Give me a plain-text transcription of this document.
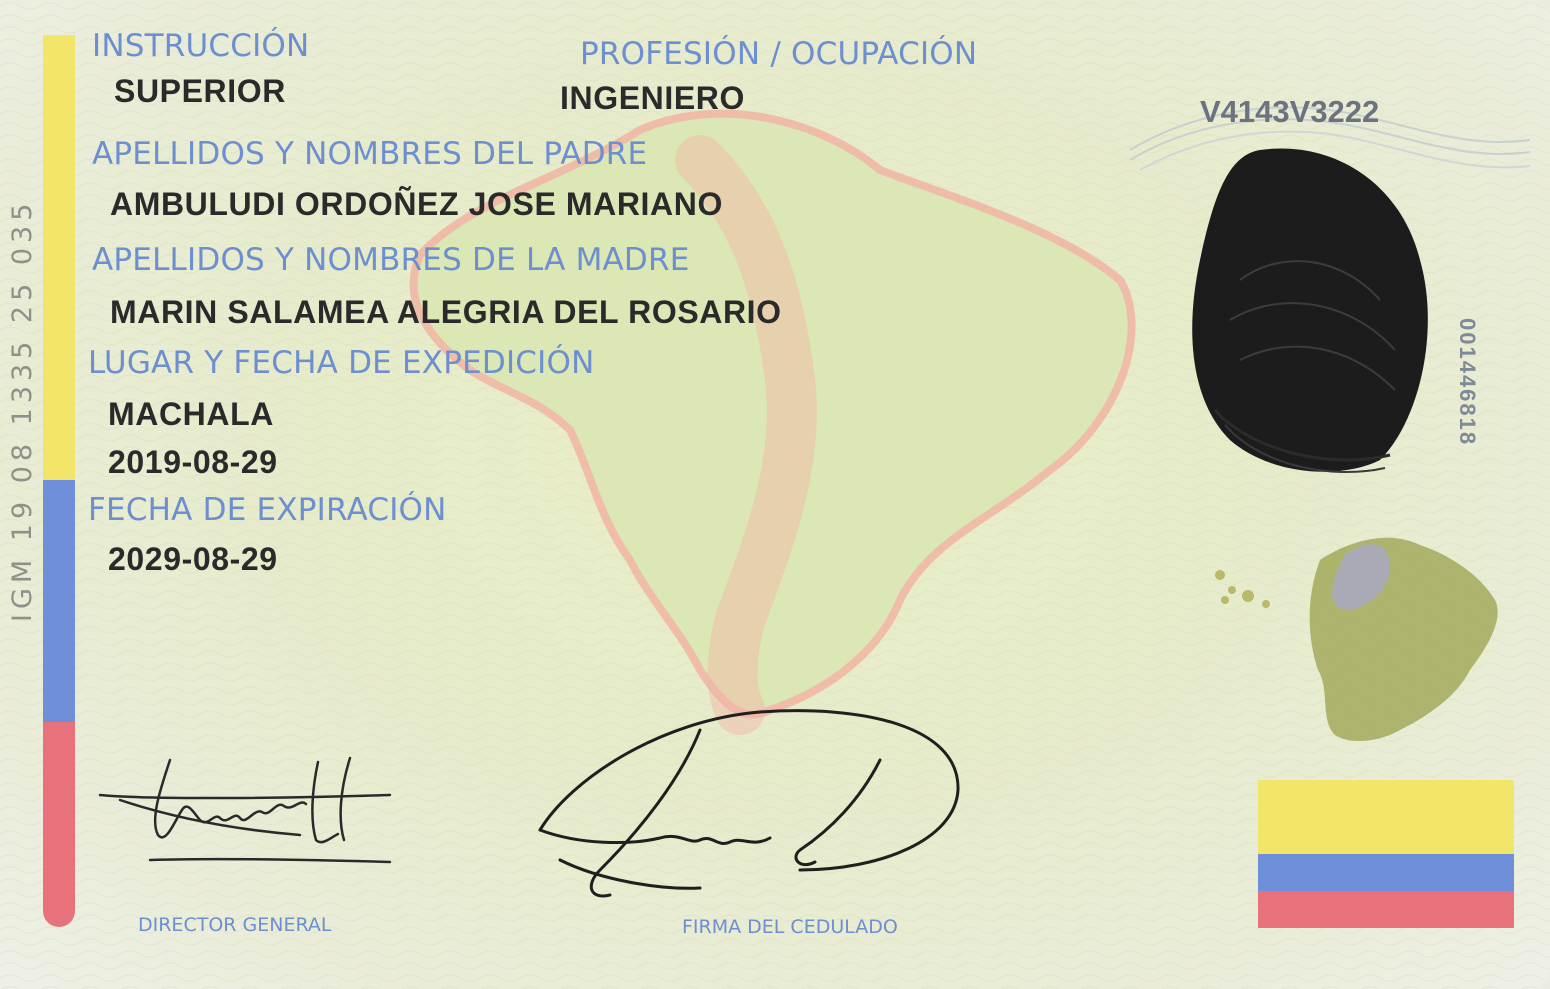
IGM 19 08 1335 25 035
INSTRUCCIÓN
SUPERIOR
PROFESIÓN / OCUPACIÓN
INGENIERO	V4143V3222
APELLIDOS Y NOMBRES DEL PADRE
AMBULUDI ORDOÑEZ JOSE MARIANO
APELLIDOS Y NOMBRES DE LA MADRE
MARIN SALAMEA ALEGRIA DEL ROSARIO
LUGAR Y FECHA DE EXPEDICIÓN
MACHALA
2019-08-29
FECHA DE EXPIRACIÓN
2029-08-29
001446818
DIRECTOR GENERAL	FIRMA DEL CEDULADO
